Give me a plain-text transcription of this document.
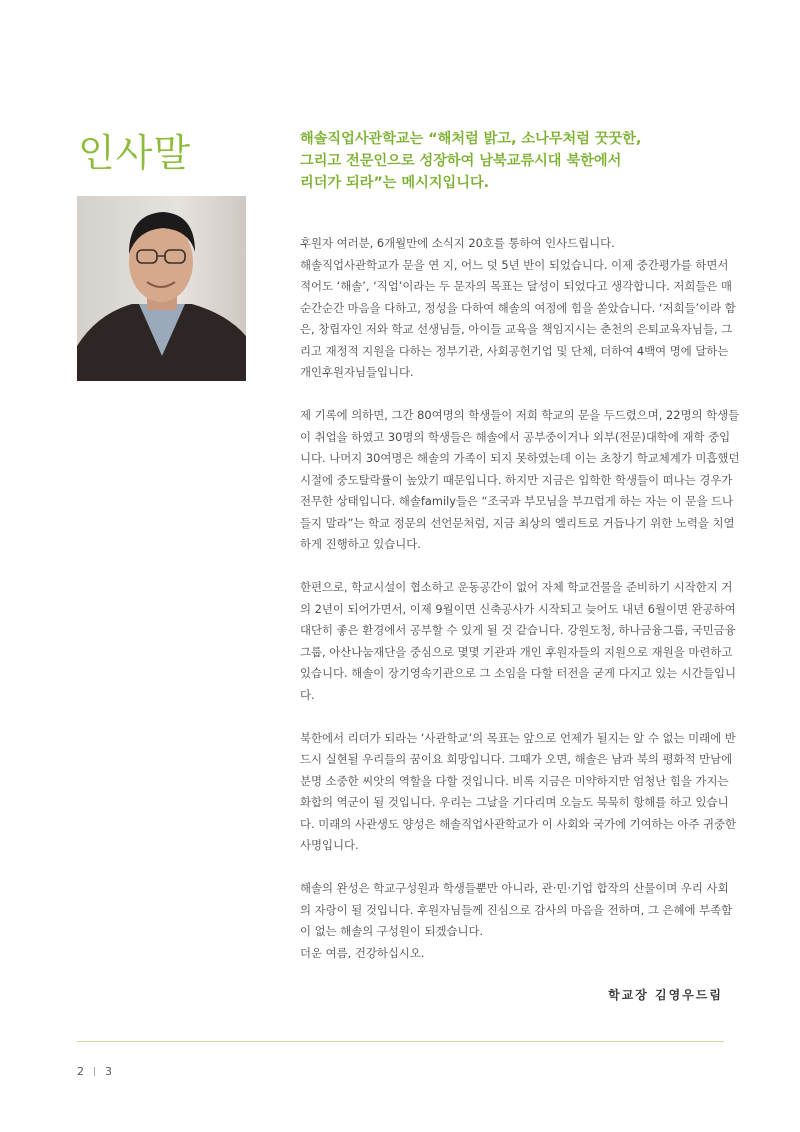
인사말	해솔직업사관학교는 “해처럼 밝고, 소나무처럼 꿋꿋한,
그리고 전문인으로 성장하여 남북교류시대 북한에서
리더가 되라”는 메시지입니다.

후원자 여러분, 6개월만에 소식지 20호를 통하여 인사드립니다.
해솔직업사관학교가 문을 연 지, 어느 덧 5년 반이 되었습니다. 이제 중간평가를 하면서
적어도 ‘해솔’, ‘직업’이라는 두 문자의 목표는 달성이 되었다고 생각합니다. 저희들은 매
순간순간 마음을 다하고, 정성을 다하여 해솔의 여정에 힘을 쏟았습니다. ‘저희들’이라 함
은, 창립자인 저와 학교 선생님들, 아이들 교육을 책임지시는 춘천의 은퇴교육자님들, 그
리고 재정적 지원을 다하는 정부기관, 사회공헌기업 및 단체, 더하여 4백여 명에 달하는
개인후원자님들입니다.

제 기록에 의하면, 그간 80여명의 학생들이 저희 학교의 문을 두드렸으며, 22명의 학생들
이 취업을 하였고 30명의 학생들은 해솔에서 공부중이거나 외부(전문)대학에 재학 중입
니다. 나머지 30여명은 해솔의 가족이 되지 못하였는데 이는 초창기 학교체계가 미흡했던
시절에 중도탈락률이 높았기 때문입니다. 하지만 지금은 입학한 학생들이 떠나는 경우가
전무한 상태입니다. 해솔family들은 “조국과 부모님을 부끄럽게 하는 자는 이 문을 드나
들지 말라”는 학교 정문의 선언문처럼, 지금 최상의 엘리트로 거듭나기 위한 노력을 치열
하게 진행하고 있습니다.

한편으로, 학교시설이 협소하고 운동공간이 없어 자체 학교건물을 준비하기 시작한지 거
의 2년이 되어가면서, 이제 9월이면 신축공사가 시작되고 늦어도 내년 6월이면 완공하여
대단히 좋은 환경에서 공부할 수 있게 될 것 같습니다. 강원도청, 하나금융그룹, 국민금융
그룹, 아산나눔재단을 중심으로 몇몇 기관과 개인 후원자들의 지원으로 재원을 마련하고
있습니다. 해솔이 장기영속기관으로 그 소임을 다할 터전을 굳게 다지고 있는 시간들입니
다.

북한에서 리더가 되라는 ‘사관학교’의 목표는 앞으로 언제가 될지는 알 수 없는 미래에 반
드시 실현될 우리들의 꿈이요 희망입니다. 그때가 오면, 해솔은 남과 북의 평화적 만남에
분명 소중한 씨앗의 역할을 다할 것입니다. 비록 지금은 미약하지만 엄청난 힘을 가지는
화합의 역군이 될 것입니다. 우리는 그날을 기다리며 오늘도 묵묵히 항해를 하고 있습니
다. 미래의 사관생도 양성은 해솔직업사관학교가 이 사회와 국가에 기여하는 아주 귀중한
사명입니다.

해솔의 완성은 학교구성원과 학생들뿐만 아니라, 관·민·기업 합작의 산물이며 우리 사회
의 자랑이 될 것입니다. 후원자님들께 진심으로 감사의 마음을 전하며, 그 은혜에 부족함
이 없는 해솔의 구성원이 되겠습니다.
더운 여름, 건강하십시오.

학교장 김영우드림

2 3
